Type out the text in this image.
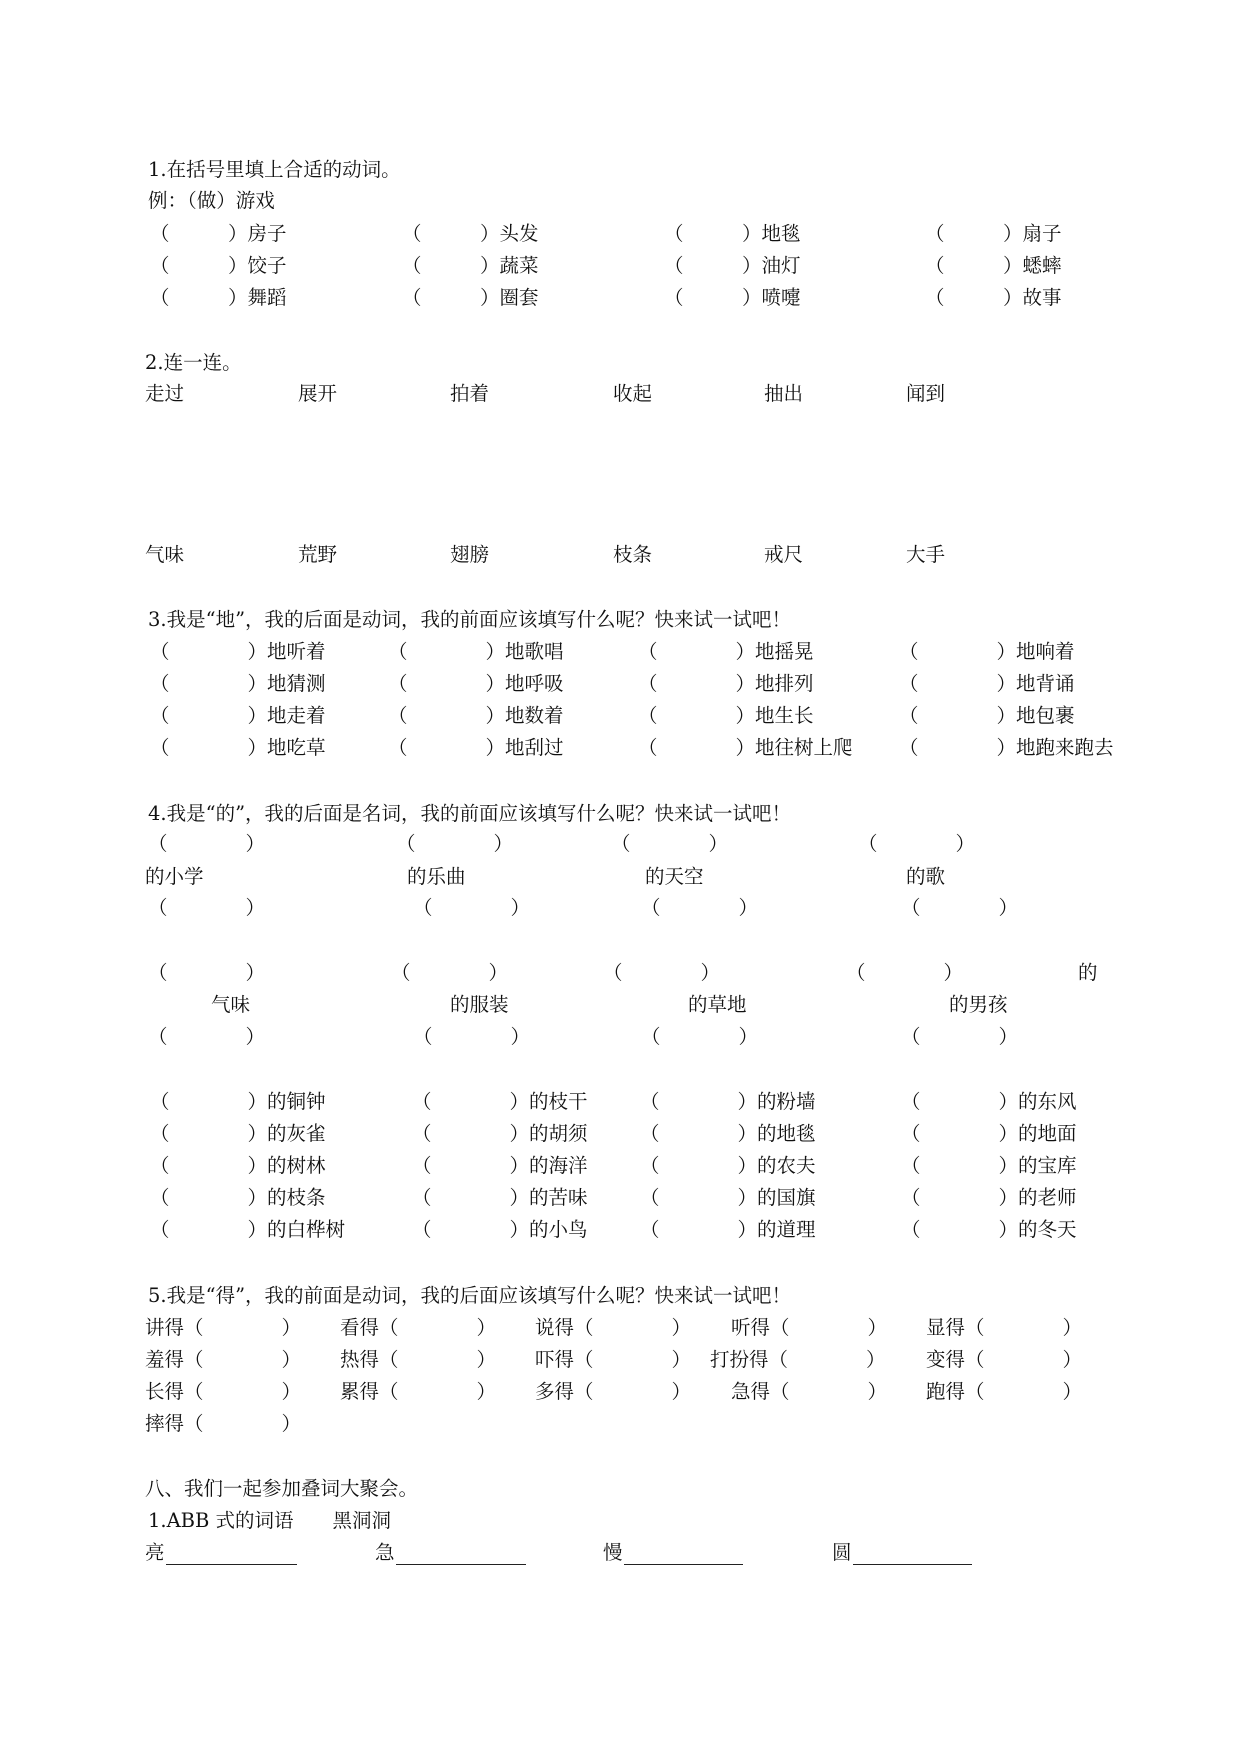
1.在括号里填上合适的动词。
例：（做）游戏
（　　　）房子	（　　　）头发	（　　　）地毯	（　　　）扇子
（　　　）饺子	（　　　）蔬菜	（　　　）油灯	（　　　）蟋蟀
（　　　）舞蹈	（　　　）圈套	（　　　）喷嚏	（　　　）故事
2.连一连。
走过	展开	拍着	收起	抽出	闻到
气味	荒野	翅膀	枝条	戒尺	大手
3.我是“地”，我的后面是动词，我的前面应该填写什么呢？快来试一试吧！
（　　　　）地听着	（　　　　）地歌唱	（　　　　）地摇晃	（　　　　）地响着
（　　　　）地猜测	（　　　　）地呼吸	（　　　　）地排列	（　　　　）地背诵
（　　　　）地走着	（　　　　）地数着	（　　　　）地生长	（　　　　）地包裹
（　　　　）地吃草	（　　　　）地刮过	（　　　　）地往树上爬 （　　　　）地跑来跑去
4.我是“的”，我的后面是名词，我的前面应该填写什么呢？快来试一试吧！
（　　　　）	（　　　　）	（　　　　）	（　　　　）
的小学	的乐曲	的天空	的歌
（　　　　）	（　　　　）	（　　　　）	（　　　　）
（　　　　）	（　　　　）	（　　　　）	（　　　　）	的
气味	的服装	的草地	的男孩
（　　　　）	（　　　　）	（　　　　）	（　　　　）
（　　　　）的铜钟	（　　　　）的枝干	（　　　　）的粉墙	（　　　　）的东风
（　　　　）的灰雀	（　　　　）的胡须	（　　　　）的地毯	（　　　　）的地面
（　　　　）的树林	（　　　　）的海洋	（　　　　）的农夫	（　　　　）的宝库
（　　　　）的枝条	（　　　　）的苦味	（　　　　）的国旗	（　　　　）的老师
（　　　　）的白桦树	（　　　　）的小鸟	（　　　　）的道理	（　　　　）的冬天
5.我是“得”，我的前面是动词，我的后面应该填写什么呢？快来试一试吧！
讲得（　　　　） 看得（　　　　） 说得（　　　　） 听得（　　　　） 显得（　　　　）
羞得（　　　　） 热得（　　　　） 吓得（　　　　） 打扮得（　　　　） 变得（　　　　）
长得（　　　　） 累得（　　　　） 多得（　　　　） 急得（　　　　） 跑得（　　　　）
摔得（　　　　）
八、我们一起参加叠词大聚会。
1.ABB 式的词语　　黑洞洞
亮	急	慢	圆
